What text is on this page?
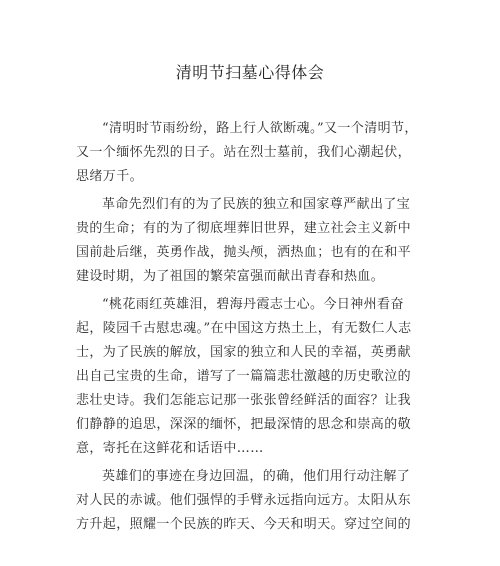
清明节扫墓心得体会
“清明时节雨纷纷，路上行人欲断魂。”又一个清明节，
又一个缅怀先烈的日子。站在烈士墓前，我们心潮起伏，
思绪万千。
革命先烈们有的为了民族的独立和国家尊严献出了宝
贵的生命；有的为了彻底埋葬旧世界，建立社会主义新中
国前赴后继，英勇作战，抛头颅，洒热血；也有的在和平
建设时期，为了祖国的繁荣富强而献出青春和热血。
“桃花雨红英雄泪，碧海丹霞志士心。今日神州看奋
起，陵园千古慰忠魂。”在中国这方热土上，有无数仁人志
士，为了民族的解放，国家的独立和人民的幸福，英勇献
出自己宝贵的生命，谱写了一篇篇悲壮激越的历史歌泣的
悲壮史诗。我们怎能忘记那一张张曾经鲜活的面容？让我
们静静的追思，深深的缅怀，把最深情的思念和崇高的敬
意，寄托在这鲜花和话语中……
英雄们的事迹在身边回温，的确，他们用行动注解了
对人民的赤诚。他们强悍的手臂永远指向远方。太阳从东
方升起，照耀一个民族的昨天、今天和明天。穿过空间的
